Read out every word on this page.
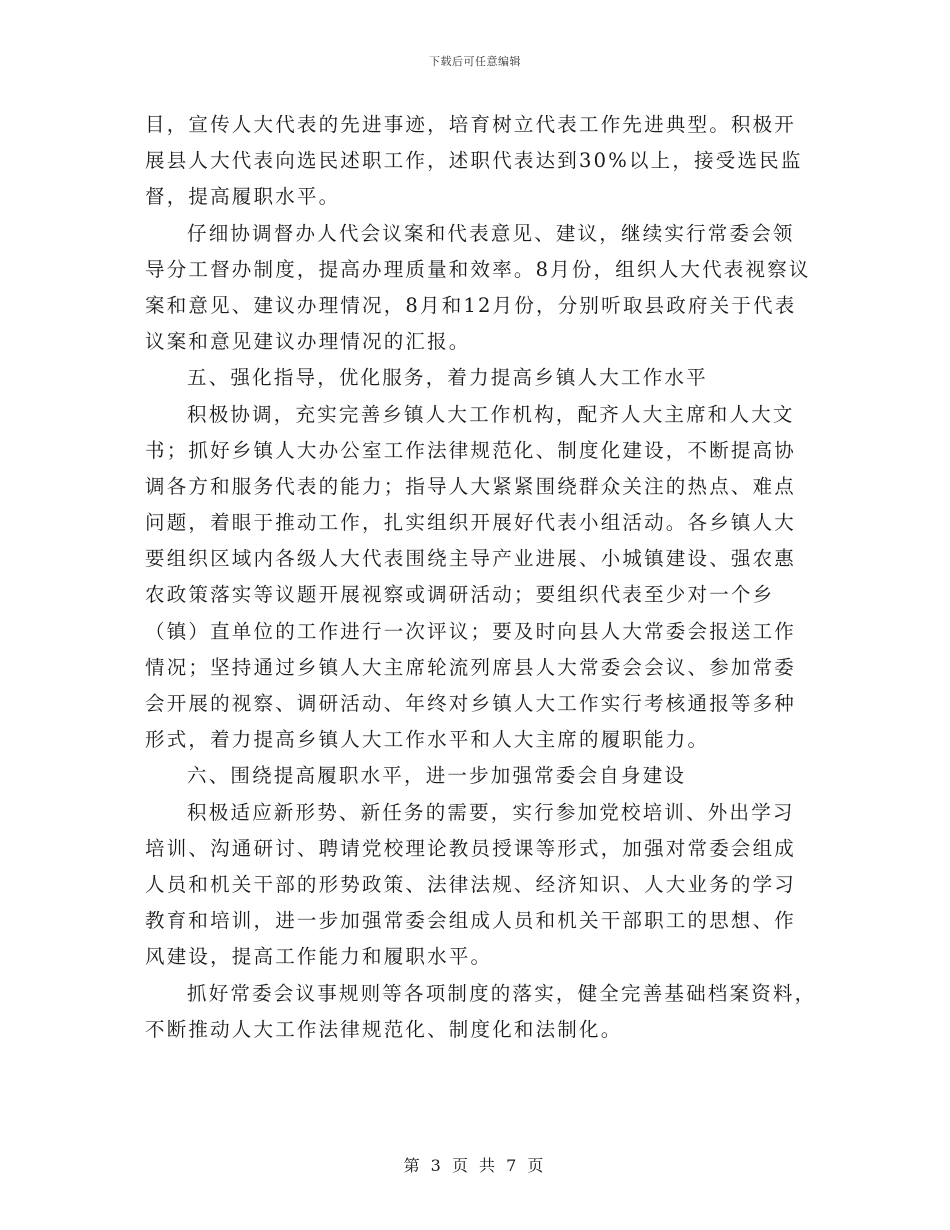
下载后可任意编辑
目，宣传人大代表的先进事迹，培育树立代表工作先进典型。积极开
展县人大代表向选民述职工作，述职代表达到30%以上，接受选民监
督，提高履职水平。
仔细协调督办人代会议案和代表意见、建议，继续实行常委会领
导分工督办制度，提高办理质量和效率。8月份，组织人大代表视察议
案和意见、建议办理情况，8月和12月份，分别听取县政府关于代表
议案和意见建议办理情况的汇报。
五、强化指导，优化服务，着力提高乡镇人大工作水平
积极协调，充实完善乡镇人大工作机构，配齐人大主席和人大文
书；抓好乡镇人大办公室工作法律规范化、制度化建设，不断提高协
调各方和服务代表的能力；指导人大紧紧围绕群众关注的热点、难点
问题，着眼于推动工作，扎实组织开展好代表小组活动。各乡镇人大
要组织区域内各级人大代表围绕主导产业进展、小城镇建设、强农惠
农政策落实等议题开展视察或调研活动；要组织代表至少对一个乡
（镇）直单位的工作进行一次评议；要及时向县人大常委会报送工作
情况；坚持通过乡镇人大主席轮流列席县人大常委会会议、参加常委
会开展的视察、调研活动、年终对乡镇人大工作实行考核通报等多种
形式，着力提高乡镇人大工作水平和人大主席的履职能力。
六、围绕提高履职水平，进一步加强常委会自身建设
积极适应新形势、新任务的需要，实行参加党校培训、外出学习
培训、沟通研讨、聘请党校理论教员授课等形式，加强对常委会组成
人员和机关干部的形势政策、法律法规、经济知识、人大业务的学习
教育和培训，进一步加强常委会组成人员和机关干部职工的思想、作
风建设，提高工作能力和履职水平。
抓好常委会议事规则等各项制度的落实，健全完善基础档案资料，
不断推动人大工作法律规范化、制度化和法制化。
第 3 页 共 7 页
